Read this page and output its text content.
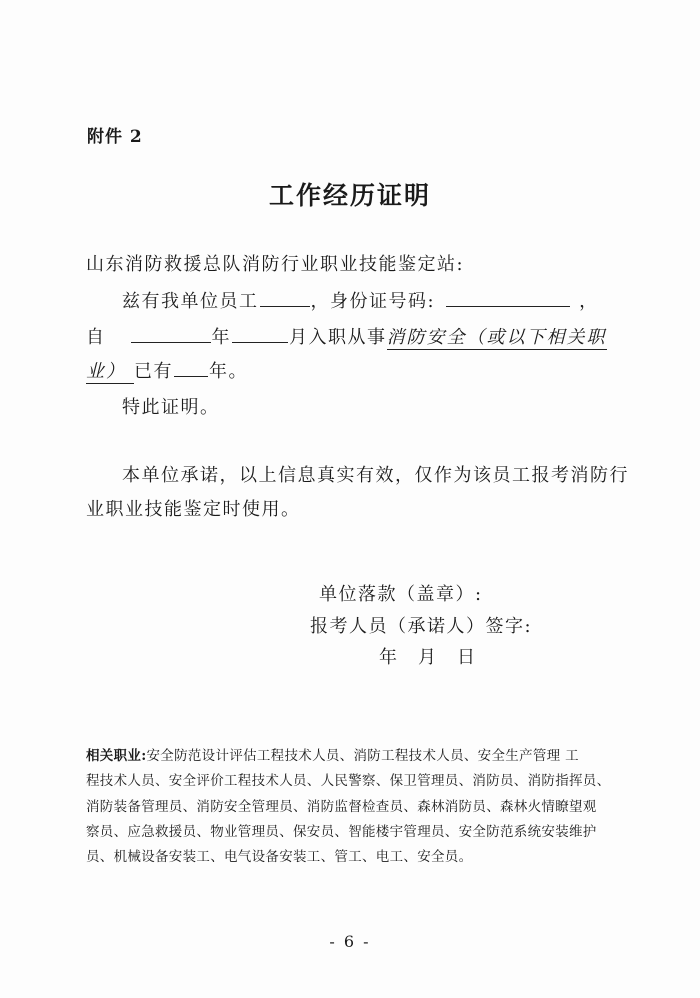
附件 2
工作经历证明
山东消防救援总队消防行业职业技能鉴定站:
兹有我单位员工	，身份证号码:	，
自	年	月入职从事消防安全（或以下相关职
业） 已有 年。
特此证明。
本单位承诺，以上信息真实有效，仅作为该员工报考消防行
业职业技能鉴定时使用。
单位落款（盖章）:
报考人员（承诺人）签字:
年　月　日
相关职业:安全防范设计评估工程技术人员、消防工程技术人员、安全生产管理 工
程技术人员、安全评价工程技术人员、人民警察、保卫管理员、消防员、消防指挥员、
消防装备管理员、消防安全管理员、消防监督检查员、森林消防员、森林火情瞭望观
察员、应急救援员、物业管理员、保安员、智能楼宇管理员、安全防范系统安装维护
员、机械设备安装工、电气设备安装工、管工、电工、安全员。
- 6 -
